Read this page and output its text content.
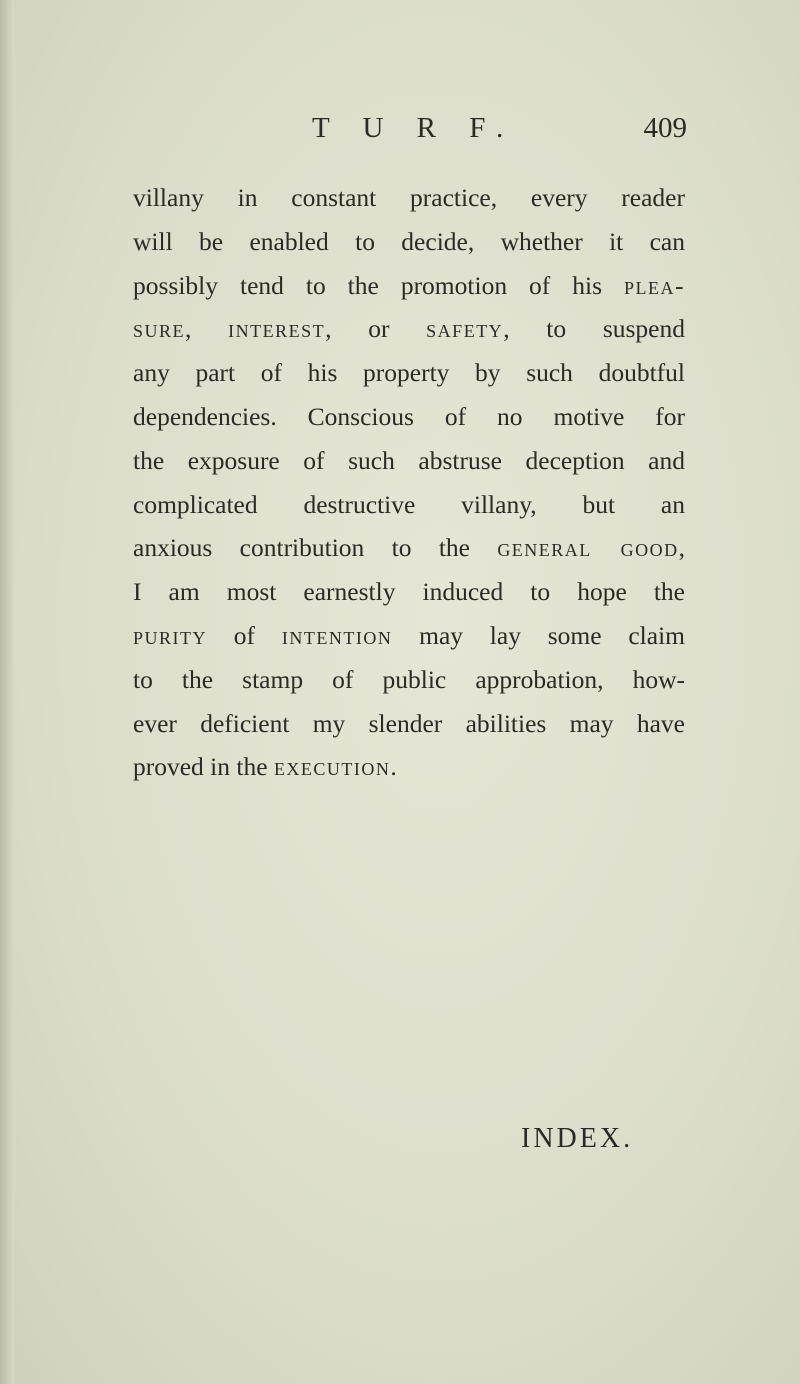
T U R F.	409
villany in constant practice, every reader
will be enabled to decide, whether it can
possibly tend to the promotion of his plea-
sure, interest, or safety, to suspend
any part of his property by such doubtful
dependencies. Conscious of no motive for
the exposure of such abstruse deception and
complicated destructive villany, but an
anxious contribution to the general good,
I am most earnestly induced to hope the
purity of intention may lay some claim
to the stamp of public approbation, how-
ever deficient my slender abilities may have
proved in the execution.
INDEX.
